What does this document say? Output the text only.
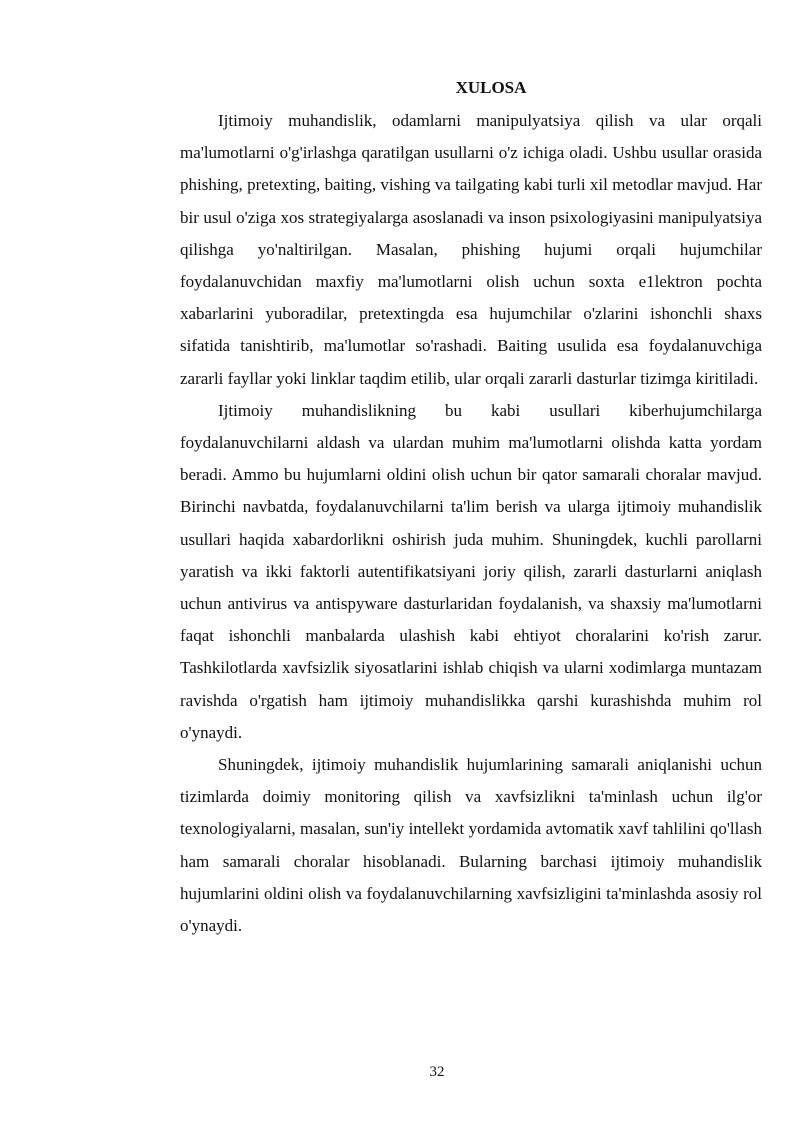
XULOSA

Ijtimoiy muhandislik, odamlarni manipulyatsiya qilish va ular orqali ma'lumotlarni o'g'irlashga qaratilgan usullarni o'z ichiga oladi. Ushbu usullar orasida phishing, pretexting, baiting, vishing va tailgating kabi turli xil metodlar mavjud. Har bir usul o'ziga xos strategiyalarga asoslanadi va inson psixologiyasini manipulyatsiya qilishga yo'naltirilgan. Masalan, phishing hujumi orqali hujumchilar foydalanuvchidan maxfiy ma'lumotlarni olish uchun soxta e1lektron pochta xabarlarini yuboradilar, pretextingda esa hujumchilar o'zlarini ishonchli shaxs sifatida tanishtirib, ma'lumotlar so'rashadi. Baiting usulida esa foydalanuvchiga zararli fayllar yoki linklar taqdim etilib, ular orqali zararli dasturlar tizimga kiritiladi.

Ijtimoiy muhandislikning bu kabi usullari kiberhujumchilarga foydalanuvchilarni aldash va ulardan muhim ma'lumotlarni olishda katta yordam beradi. Ammo bu hujumlarni oldini olish uchun bir qator samarali choralar mavjud. Birinchi navbatda, foydalanuvchilarni ta'lim berish va ularga ijtimoiy muhandislik usullari haqida xabardorlikni oshirish juda muhim. Shuningdek, kuchli parollarni yaratish va ikki faktorli autentifikatsiyani joriy qilish, zararli dasturlarni aniqlash uchun antivirus va antispyware dasturlaridan foydalanish, va shaxsiy ma'lumotlarni faqat ishonchli manbalarda ulashish kabi ehtiyot choralarini ko'rish zarur. Tashkilotlarda xavfsizlik siyosatlarini ishlab chiqish va ularni xodimlarga muntazam ravishda o'rgatish ham ijtimoiy muhandislikka qarshi kurashishda muhim rol o'ynaydi.

Shuningdek, ijtimoiy muhandislik hujumlarining samarali aniqlanishi uchun tizimlarda doimiy monitoring qilish va xavfsizlikni ta'minlash uchun ilg'or texnologiyalarni, masalan, sun'iy intellekt yordamida avtomatik xavf tahlilini qo'llash ham samarali choralar hisoblanadi. Bularning barchasi ijtimoiy muhandislik hujumlarini oldini olish va foydalanuvchilarning xavfsizligini ta'minlashda asosiy rol o'ynaydi.

32
